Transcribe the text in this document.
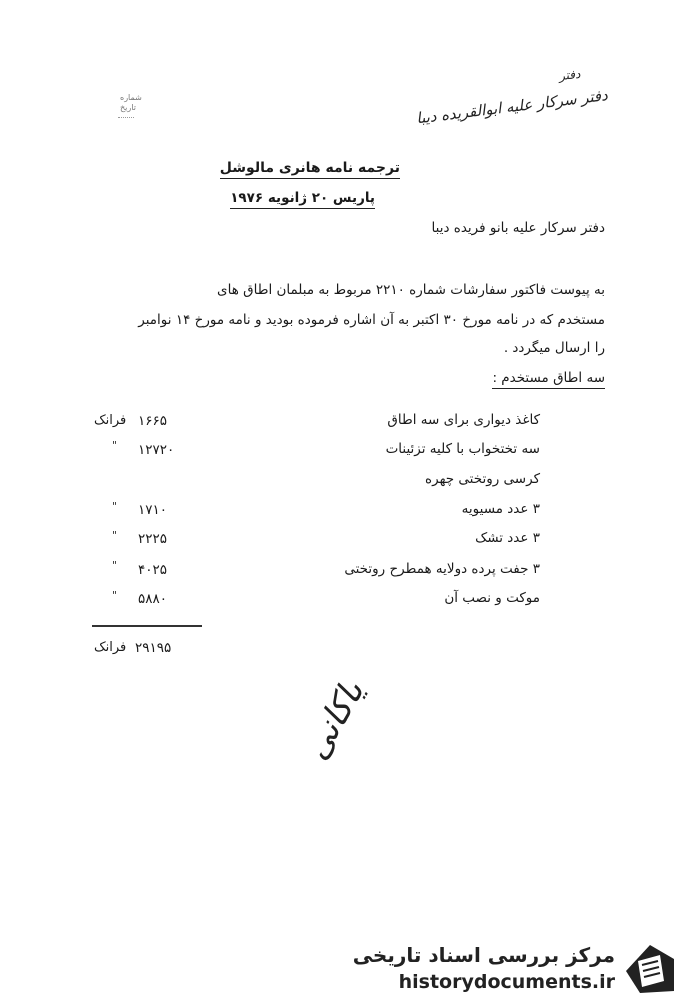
شماره
تاریخ
دفتر
دفتر سرکار علیه ابوالقریده دیبا
ترجمه نامه هانری مالوشل
پاریس ۲۰ ژانویه ۱۹۷۶
دفتر سرکار علیه بانو فریده دیبا
به پیوست فاکتور سفارشات شماره ۲۲۱۰ مربوط به مبلمان اطاق های
مستخدم که در نامه مورخ ۳۰ اکتبر به آن اشاره فرموده بودید و نامه مورخ ۱۴ نوامبر
را ارسال میگردد .
سه اطاق مستخدم :
کاغذ دیواری برای سه اطاق
۱۶۶۵
فرانک
سه تختخواب با کلیه تزئینات
۱۲۷۲۰
"
کرسی روتختی چهره
۳ عدد مسیویه
۱۷۱۰
"
۳ عدد تشک
۲۲۲۵
"
۳ جفت پرده دولایه همطرح روتختی
۴۰۲۵
"
موکت و نصب آن
۵۸۸۰
"
۲۹۱۹۵
فرانک
یاکانی
مرکز بررسی اسناد تاریخی
historydocuments.ir
